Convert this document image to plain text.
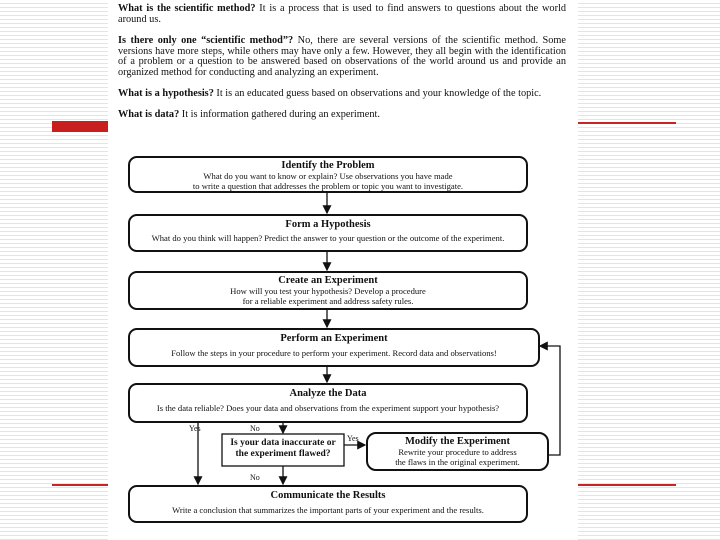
What is the scientific method? It is a process that is used to find answers to questions about the world around us.
Is there only one “scientific method”? No, there are several versions of the scientific method. Some versions have more steps, while others may have only a few. However, they all begin with the identification of a problem or a question to be answered based on observations of the world around us and provide an organized method for conducting and analyzing an experiment.
What is a hypothesis? It is an educated guess based on observations and your knowledge of the topic.
What is data? It is information gathered during an experiment.
Identify the Problem
What do you want to know or explain? Use observations you have made
to write a question that addresses the problem or topic you want to investigate.
Form a Hypothesis
What do you think will happen? Predict the answer to your question or the outcome of the experiment.
Create an Experiment
How will you test your hypothesis? Develop a procedure
for a reliable experiment and address safety rules.
Perform an Experiment
Follow the steps in your procedure to perform your experiment. Record data and observations!
Analyze the Data
Is the data reliable? Does your data and observations from the experiment support your hypothesis?
Is your data inaccurate or
the experiment flawed?
Modify the Experiment
Rewrite your procedure to address
the flaws in the original experiment.
Communicate the Results
Write a conclusion that summarizes the important parts of your experiment and the results.
Yes	No
Yes
No
